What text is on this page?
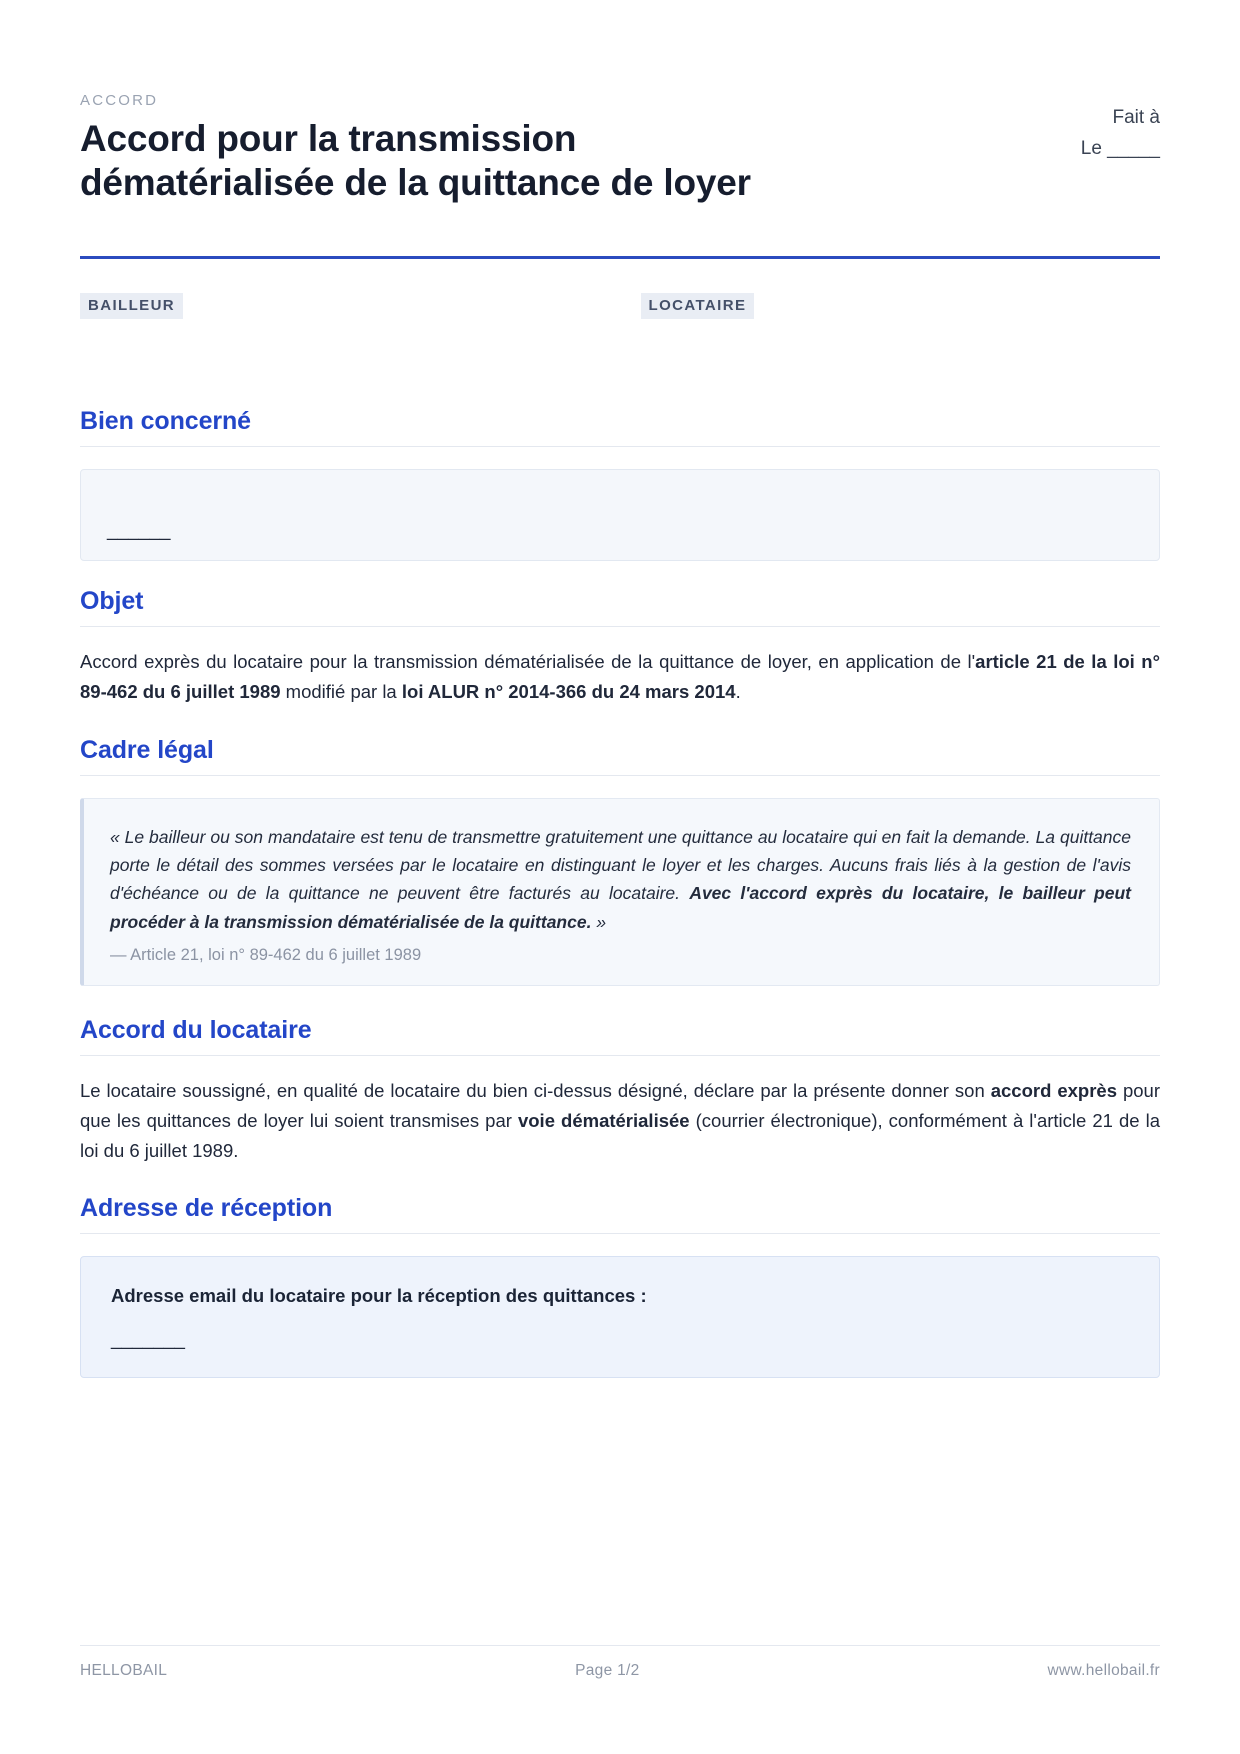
ACCORD

Accord pour la transmission dématérialisée de la quittance de loyer
Fait à
Le _____
BAILLEUR	LOCATAIRE
Bien concerné
______
Objet

Accord exprès du locataire pour la transmission dématérialisée de la quittance de loyer, en application de l'article 21 de la loi n° 89-462 du 6 juillet 1989 modifié par la loi ALUR n° 2014-366 du 24 mars 2014.

Cadre légal

« Le bailleur ou son mandataire est tenu de transmettre gratuitement une quittance au locataire qui en fait la demande. La quittance porte le détail des sommes versées par le locataire en distinguant le loyer et les charges. Aucuns frais liés à la gestion de l'avis d'échéance ou de la quittance ne peuvent être facturés au locataire. Avec l'accord exprès du locataire, le bailleur peut procéder à la transmission dématérialisée de la quittance. »

— Article 21, loi n° 89-462 du 6 juillet 1989

Accord du locataire

Le locataire soussigné, en qualité de locataire du bien ci-dessus désigné, déclare par la présente donner son accord exprès pour que les quittances de loyer lui soient transmises par voie dématérialisée (courrier électronique), conformément à l'article 21 de la loi du 6 juillet 1989.

Adresse de réception

Adresse email du locataire pour la réception des quittances :

_______
HELLOBAIL	Page 1/2	www.hellobail.fr
